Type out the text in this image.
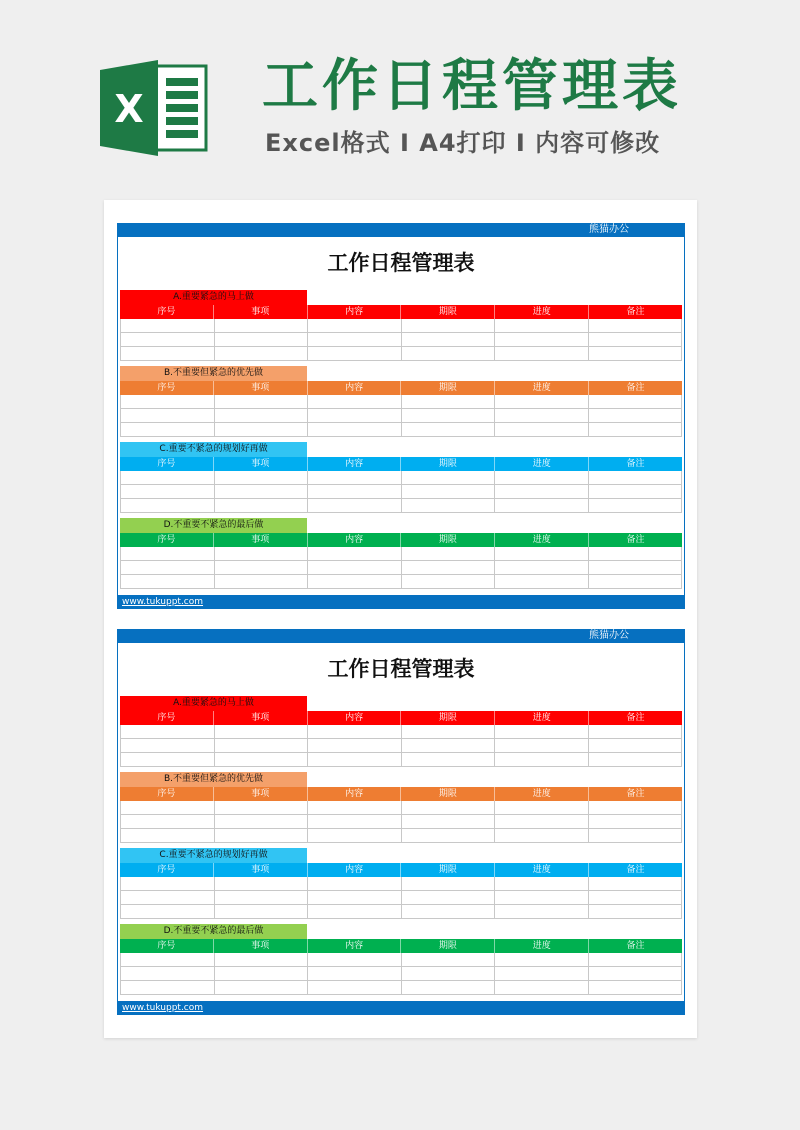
X 工作日程管理表
Excel格式 Ⅰ A4打印 Ⅰ 内容可修改
熊猫办公
工作日程管理表
A.重要紧急的马上做
序号	事项	内容	期限	进度	备注
B.不重要但紧急的优先做
序号	事项	内容	期限	进度	备注
C.重要不紧急的规划好再做
序号	事项	内容	期限	进度	备注
D.不重要不紧急的最后做
序号	事项	内容	期限	进度	备注
www.tukuppt.com
熊猫办公
工作日程管理表
A.重要紧急的马上做
序号	事项	内容	期限	进度	备注
B.不重要但紧急的优先做
序号	事项	内容	期限	进度	备注
C.重要不紧急的规划好再做
序号	事项	内容	期限	进度	备注
D.不重要不紧急的最后做
序号	事项	内容	期限	进度	备注
www.tukuppt.com
